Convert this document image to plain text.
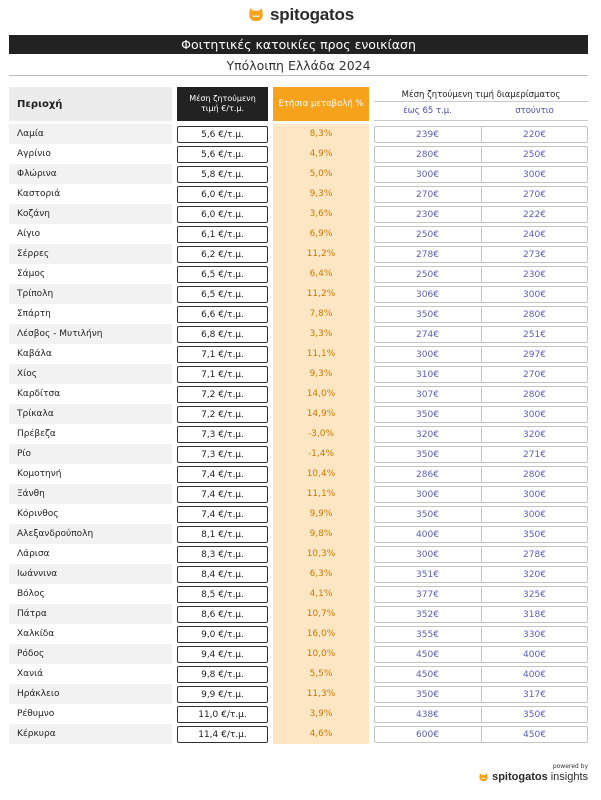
spitogatos
Φοιτητικές κατοικίες προς ενοικίαση
Υπόλοιπη Ελλάδα 2024
Περιοχή	Μέση ζητούμενη τιμή €/τ.μ.	Ετήσια μεταβολή %
Μέση ζητούμενη τιμή διαμερίσματος
έως 65 τ.μ.	στούντιο
Λαμία	5,6 €/τ.μ.	8,3%	239€	220€
Αγρίνιο	5,6 €/τ.μ.	4,9%	280€	250€
Φλώρινα	5,8 €/τ.μ.	5,0%	300€	300€
Καστοριά	6,0 €/τ.μ.	9,3%	270€	270€
Κοζάνη	6,0 €/τ.μ.	3,6%	230€	222€
Αίγιο	6,1 €/τ.μ.	6,9%	250€	240€
Σέρρες	6,2 €/τ.μ.	11,2%	278€	273€
Σάμος	6,5 €/τ.μ.	6,4%	250€	230€
Τρίπολη	6,5 €/τ.μ.	11,2%	306€	300€
Σπάρτη	6,6 €/τ.μ.	7,8%	350€	280€
Λέσβος - Μυτιλήνη	6,8 €/τ.μ.	3,3%	274€	251€
Καβάλα	7,1 €/τ.μ.	11,1%	300€	297€
Χίος	7,1 €/τ.μ.	9,3%	310€	270€
Καρδίτσα	7,2 €/τ.μ.	14,0%	307€	280€
Τρίκαλα	7,2 €/τ.μ.	14,9%	350€	300€
Πρέβεζα	7,3 €/τ.μ.	-3,0%	320€	320€
Ρίο	7,3 €/τ.μ.	-1,4%	350€	271€
Κομοτηνή	7,4 €/τ.μ.	10,4%	286€	280€
Ξάνθη	7,4 €/τ.μ.	11,1%	300€	300€
Κόρινθος	7,4 €/τ.μ.	9,9%	350€	300€
Αλεξανδρούπολη	8,1 €/τ.μ.	9,8%	400€	350€
Λάρισα	8,3 €/τ.μ.	10,3%	300€	278€
Ιωάννινα	8,4 €/τ.μ.	6,3%	351€	320€
Βόλος	8,5 €/τ.μ.	4,1%	377€	325€
Πάτρα	8,6 €/τ.μ.	10,7%	352€	318€
Χαλκίδα	9,0 €/τ.μ.	16,0%	355€	330€
Ρόδος	9,4 €/τ.μ.	10,0%	450€	400€
Χανιά	9,8 €/τ.μ.	5,5%	450€	400€
Ηράκλειο	9,9 €/τ.μ.	11,3%	350€	317€
Ρέθυμνο	11,0 €/τ.μ.	3,9%	438€	350€
Κέρκυρα	11,4 €/τ.μ.	4,6%	600€	450€
powered by
spitogatos insights
